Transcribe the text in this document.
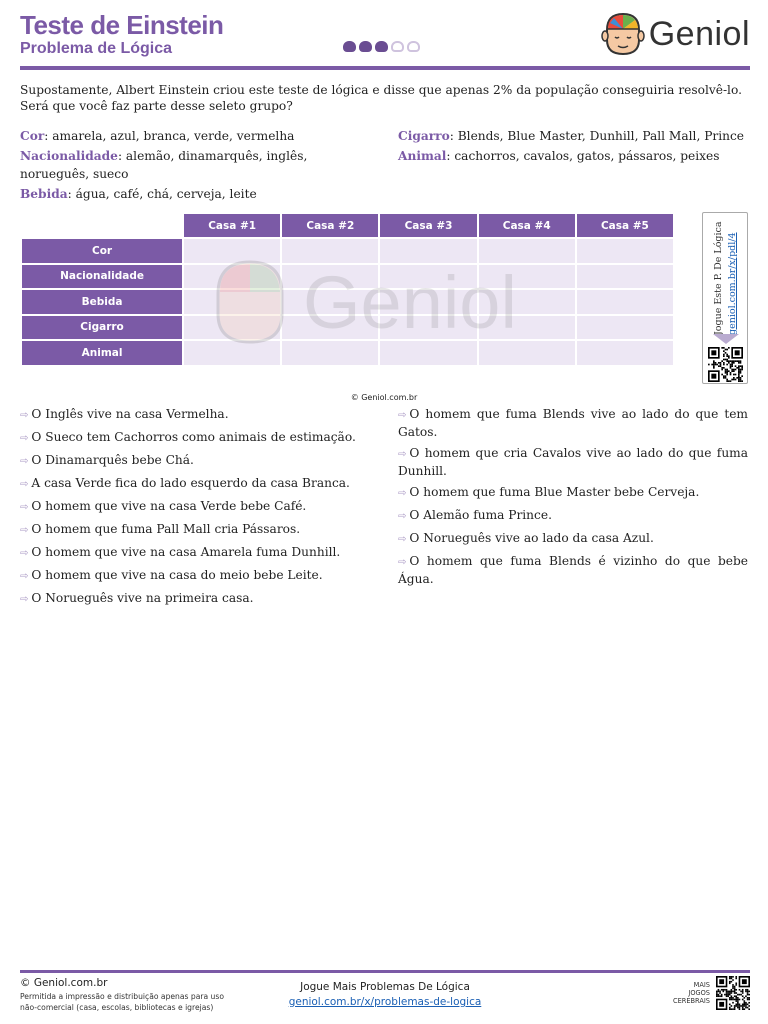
Teste de Einstein
Problema de Lógica	Geniol

Supostamente, Albert Einstein criou este teste de lógica e disse que apenas 2% da população conseguiria resolvê-lo. Será que você faz parte desse seleto grupo?

Cor: amarela, azul, branca, verde, vermelha
Nacionalidade: alemão, dinamarquês, inglês, norueguês, sueco
Bebida: água, café, chá, cerveja, leite
Cigarro: Blends, Blue Master, Dunhill, Pall Mall, Prince
Animal: cachorros, cavalos, gatos, pássaros, peixes
	Casa #1	Casa #2	Casa #3	Casa #4	Casa #5
Cor					
Nacionalidade					
Bebida					
Cigarro					
Animal					
Geniol	Jogue Este P. De Lógica geniol.com.br/x/pdl/4
© Geniol.com.br
⇨ O Inglês vive na casa Vermelha.
⇨ O Sueco tem Cachorros como animais de estimação.
⇨ O Dinamarquês bebe Chá.
⇨ A casa Verde fica do lado esquerdo da casa Branca.
⇨ O homem que vive na casa Verde bebe Café.
⇨ O homem que fuma Pall Mall cria Pássaros.
⇨ O homem que vive na casa Amarela fuma Dunhill.
⇨ O homem que vive na casa do meio bebe Leite.
⇨ O Norueguês vive na primeira casa.
⇨ O homem que fuma Blends vive ao lado do que tem Gatos.
⇨ O homem que cria Cavalos vive ao lado do que fuma Dunhill.
⇨ O homem que fuma Blue Master bebe Cerveja.
⇨ O Alemão fuma Prince.
⇨ O Norueguês vive ao lado da casa Azul.
⇨ O homem que fuma Blends é vizinho do que bebe Água.
© Geniol.com.br
Permitida a impressão e distribuição apenas para uso
não-comercial (casa, escolas, bibliotecas e igrejas)
Jogue Mais Problemas De Lógica
geniol.com.br/x/problemas-de-logica
MAIS
JOGOS
CEREBRAIS
